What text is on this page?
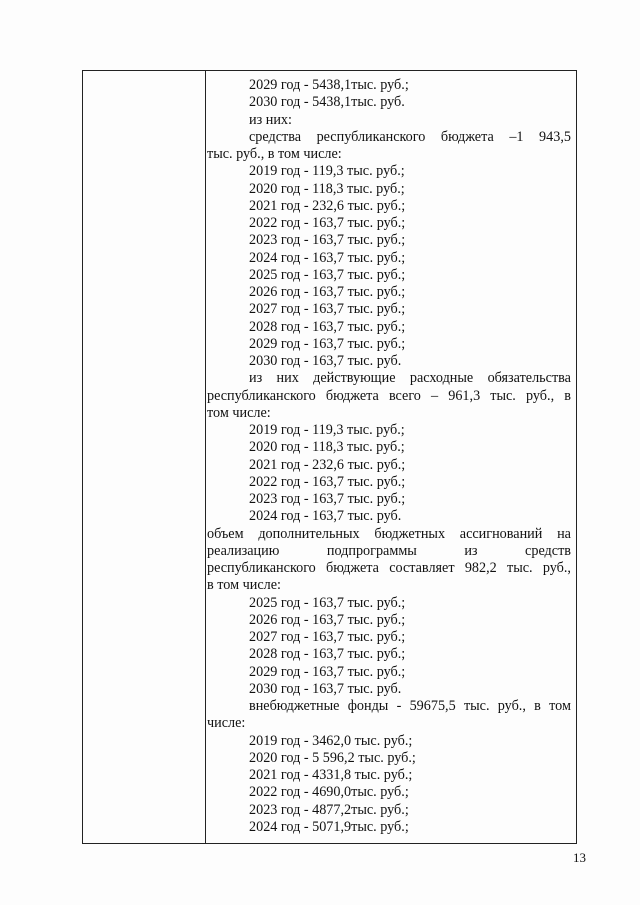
2029 год - 5438,1тыс. руб.;
2030 год - 5438,1тыс. руб.
из них:
средства республиканского бюджета –1 943,5
тыс. руб., в том числе:
2019 год - 119,3 тыс. руб.;
2020 год - 118,3 тыс. руб.;
2021 год - 232,6 тыс. руб.;
2022 год - 163,7 тыс. руб.;
2023 год - 163,7 тыс. руб.;
2024 год - 163,7 тыс. руб.;
2025 год - 163,7 тыс. руб.;
2026 год - 163,7 тыс. руб.;
2027 год - 163,7 тыс. руб.;
2028 год - 163,7 тыс. руб.;
2029 год - 163,7 тыс. руб.;
2030 год - 163,7 тыс. руб.
из них действующие расходные обязательства
республиканского бюджета всего – 961,3 тыс. руб., в
том числе:
2019 год - 119,3 тыс. руб.;
2020 год - 118,3 тыс. руб.;
2021 год - 232,6 тыс. руб.;
2022 год - 163,7 тыс. руб.;
2023 год - 163,7 тыс. руб.;
2024 год - 163,7 тыс. руб.
объем дополнительных бюджетных ассигнований на
реализацию	подпрограммы	из	средств
республиканского бюджета составляет 982,2 тыс. руб.,
в том числе:
2025 год - 163,7 тыс. руб.;
2026 год - 163,7 тыс. руб.;
2027 год - 163,7 тыс. руб.;
2028 год - 163,7 тыс. руб.;
2029 год - 163,7 тыс. руб.;
2030 год - 163,7 тыс. руб.
внебюджетные фонды - 59675,5 тыс. руб., в том
числе:
2019 год - 3462,0 тыс. руб.;
2020 год - 5 596,2 тыс. руб.;
2021 год - 4331,8 тыс. руб.;
2022 год - 4690,0тыс. руб.;
2023 год - 4877,2тыс. руб.;
2024 год - 5071,9тыс. руб.;
13
